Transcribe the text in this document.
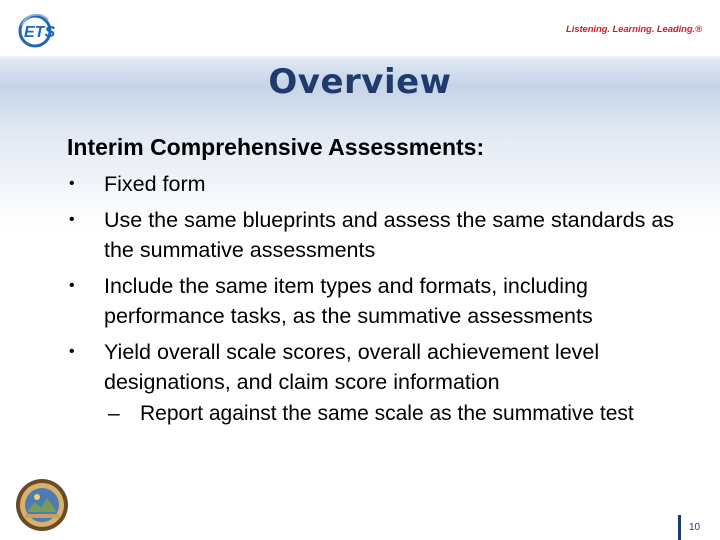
ETS	Listening. Learning. Leading.®
Overview
Interim Comprehensive Assessments:
• Fixed form
• Use the same blueprints and assess the same standards as the summative assessments
• Include the same item types and formats, including performance tasks, as the summative assessments
• Yield overall scale scores, overall achievement level designations, and claim score information
– Report against the same scale as the summative test
10
